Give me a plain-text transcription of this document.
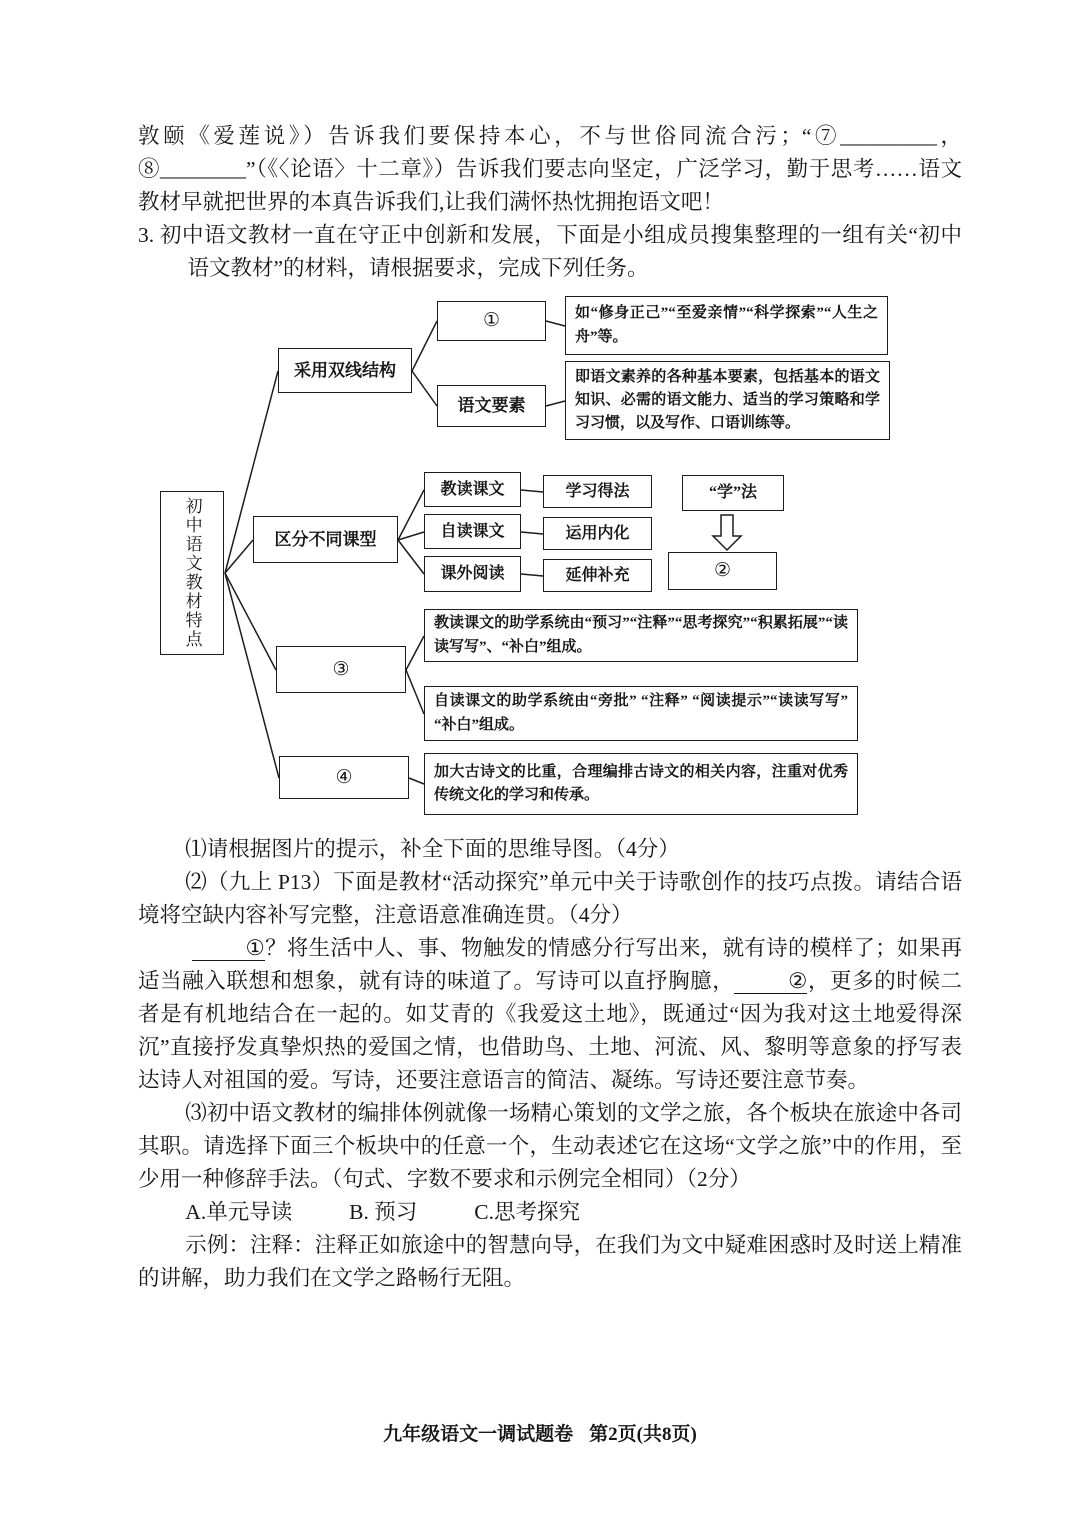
敦颐《爱莲说》）告诉我们要保持本心，不与世俗同流合污；“⑦_________，⑧________”（《〈论语〉十二章》）告诉我们要志向坚定，广泛学习，勤于思考……语文教材早就把世界的本真告诉我们,让我们满怀热忱拥抱语文吧！

3. 初中语文教材一直在守正中创新和发展，下面是小组成员搜集整理的一组有关“初中语文教材”的材料，请根据要求，完成下列任务。

初中语文教材特点
采用双线结构
①	如“修身正己”“至爱亲情”“科学探索”“人生之舟”等。
语文要素
即语文素养的各种基本要素，包括基本的语文知识、必需的语文能力、适当的学习策略和学习习惯，以及写作、口语训练等。
区分不同课型
教读课文	学习得法	“学”法
自读课文	运用内化
课外阅读	延伸补充	②
③
教读课文的助学系统由“预习”“注释”“思考探究”“积累拓展”“读读写写”、“补白”组成。
自读课文的助学系统由“旁批” “注释” “阅读提示”“读读写写” “补白”组成。
④	加大古诗文的比重，合理编排古诗文的相关内容，注重对优秀传统文化的学习和传承。

⑴请根据图片的提示，补全下面的思维导图。（4分）

⑵（九上 P13）下面是教材“活动探究”单元中关于诗歌创作的技巧点拨。请结合语境将空缺内容补写完整，注意语意准确连贯。（4分）

①？将生活中人、事、物触发的情感分行写出来，就有诗的模样了；如果再适当融入联想和想象，就有诗的味道了。写诗可以直抒胸臆，	②，更多的时候二者是有机地结合在一起的。如艾青的《我爱这土地》，既通过“因为我对这土地爱得深沉”直接抒发真挚炽热的爱国之情，也借助鸟、土地、河流、风、黎明等意象的抒写表达诗人对祖国的爱。写诗，还要注意语言的简洁、凝练。写诗还要注意节奏。

⑶初中语文教材的编排体例就像一场精心策划的文学之旅，各个板块在旅途中各司其职。请选择下面三个板块中的任意一个，生动表述它在这场“文学之旅”中的作用，至少用一种修辞手法。（句式、字数不要求和示例完全相同）（2分）

A.单元导读	B. 预习	C.思考探究

示例：注释：注释正如旅途中的智慧向导，在我们为文中疑难困惑时及时送上精准的讲解，助力我们在文学之路畅行无阻。

九年级语文一调试题卷 第2页(共8页)
